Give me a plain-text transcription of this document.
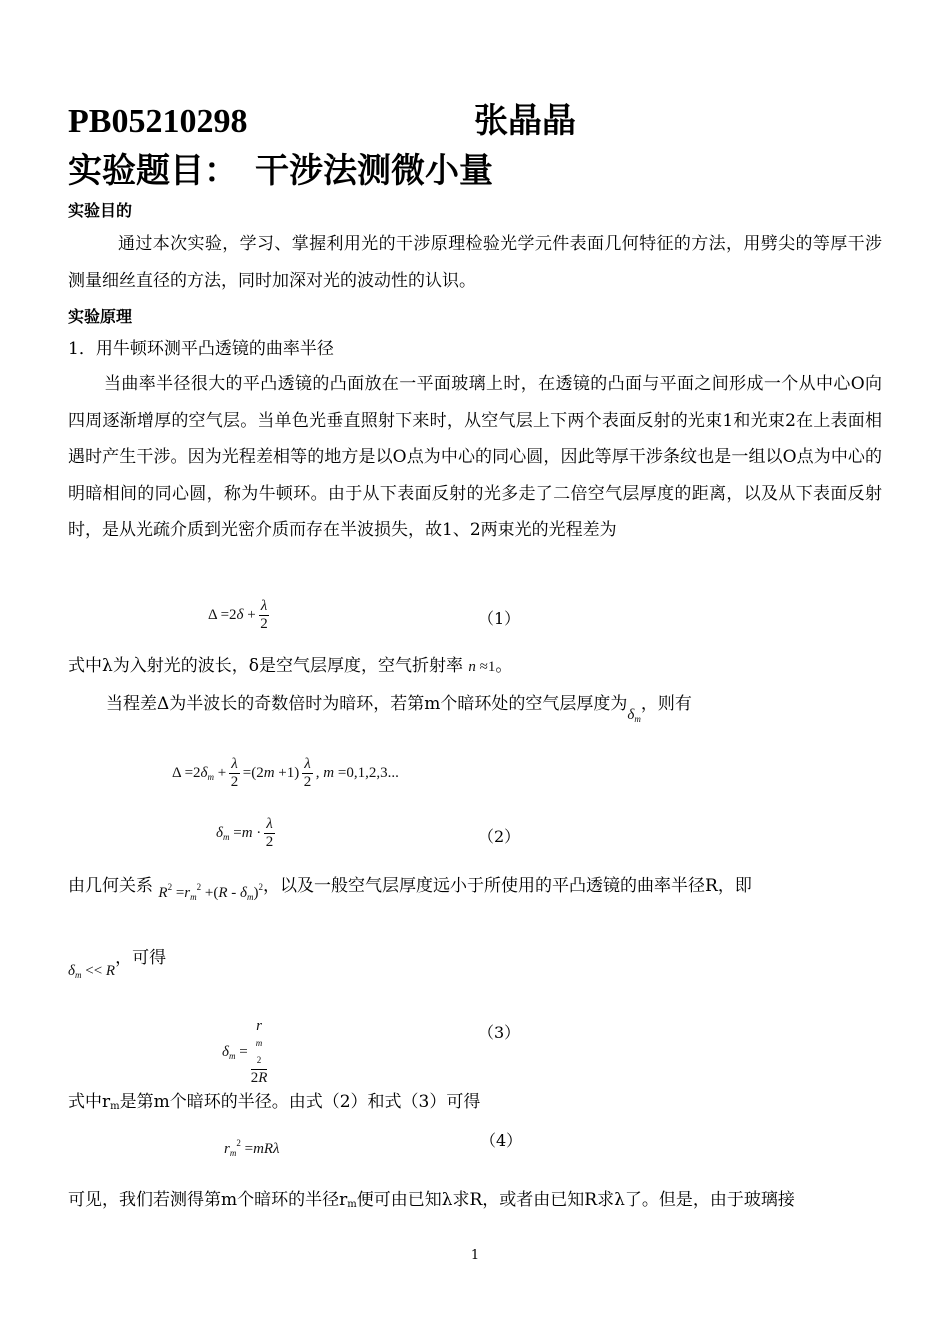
PB05210298	张晶晶
实验题目：　干涉法测微小量
实验目的
通过本次实验，学习、掌握利用光的干涉原理检验光学元件表面几何特征的方法，用劈尖的等厚干涉测量细丝直径的方法，同时加深对光的波动性的认识。
实验原理
1．用牛顿环测平凸透镜的曲率半径
当曲率半径很大的平凸透镜的凸面放在一平面玻璃上时，在透镜的凸面与平面之间形成一个从中心O向四周逐渐增厚的空气层。当单色光垂直照射下来时，从空气层上下两个表面反射的光束1和光束2在上表面相遇时产生干涉。因为光程差相等的地方是以O点为中心的同心圆，因此等厚干涉条纹也是一组以O点为中心的明暗相间的同心圆，称为牛顿环。由于从下表面反射的光多走了二倍空气层厚度的距离，以及从下表面反射时，是从光疏介质到光密介质而存在半波损失，故1、2两束光的光程差为
$\Delta =2\delta + \frac{\lambda}{2}$	（1）
式中λ为入射光的波长，δ是空气层厚度，空气折射率 n ≈1。
当程差Δ为半波长的奇数倍时为暗环，若第m个暗环处的空气层厚度为$\delta_m$，则有
$\Delta =2\delta_m + \frac{\lambda}{2} =(2m +1) \frac{\lambda}{2}$ , m =0,1,2,3...
$\delta_m =m \cdot \frac{\lambda}{2}$	（2）
由几何关系 $R^2 =r_m^2 +(R - \delta_m)^2$，以及一般空气层厚度远小于所使用的平凸透镜的曲率半径R，即
$\delta_m << R$，可得
$\delta_m = r$
m
2
2R	（3）
式中rm是第m个暗环的半径。由式（2）和式（3）可得
$r_m^2 =mR\lambda$	（4）
可见，我们若测得第m个暗环的半径rm便可由已知λ求R，或者由已知R求λ了。但是，由于玻璃接
1
